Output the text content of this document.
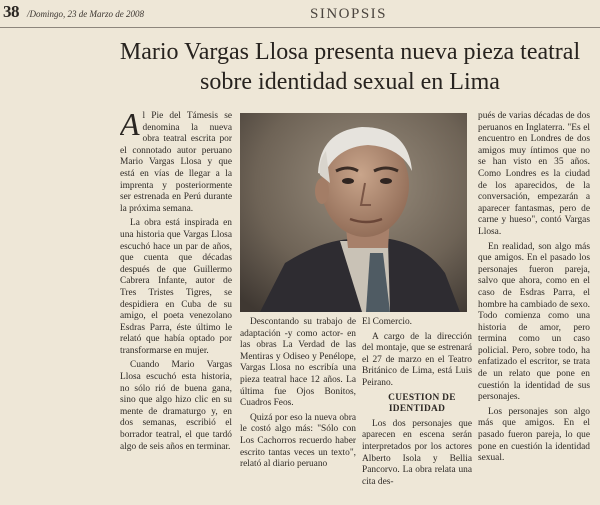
38 /Domingo, 23 de Marzo de 2008	SINOPSIS
Mario Vargas Llosa presenta nueva pieza teatral sobre identidad sexual en Lima

Al Pie del Támesis se denomina la nueva obra teatral escrita por el connotado autor peruano Mario Vargas Llosa y que está en vías de llegar a la imprenta y posteriormente ser estrenada en Perú durante la próxima semana.

La obra está inspirada en una historia que Vargas Llosa escuchó hace un par de años, que cuenta que décadas después de que Guillermo Cabrera Infante, autor de Tres Tristes Tigres, se despidiera en Cuba de su amigo, el poeta venezolano Esdras Parra, éste último le relató que había optado por transformarse en mujer.

Cuando Mario Vargas Llosa escuchó esta historia, no sólo rió de buena gana, sino que algo hizo clic en su mente de dramaturgo y, en dos semanas, escribió el borrador teatral, el que tardó algo de seis años en terminar.

Descontando su trabajo de adaptación -y como actor- en las obras La Verdad de las Mentiras y Odiseo y Penélope, Vargas Llosa no escribía una pieza teatral hace 12 años. La última fue Ojos Bonitos, Cuadros Feos.

Quizá por eso la nueva obra le costó algo más: "Sólo con Los Cachorros recuerdo haber escrito tantas veces un texto", relató al diario peruano

El Comercio.

A cargo de la dirección del montaje, que se estrenará el 27 de marzo en el Teatro Británico de Lima, está Luis Peirano.

CUESTION DE IDENTIDAD

Los dos personajes que aparecen en escena serán interpretados por los actores Alberto Isola y Bellia Pancorvo. La obra relata una cita des-

pués de varias décadas de dos peruanos en Inglaterra. "Es el encuentro en Londres de dos amigos muy íntimos que no se han visto en 35 años. Como Londres es la ciudad de los aparecidos, de la conversación, empezarán a aparecer fantasmas, pero de carne y hueso", contó Vargas Llosa.

En realidad, son algo más que amigos. En el pasado los personajes fueron pareja, salvo que ahora, como en el caso de Esdras Parra, el hombre ha cambiado de sexo. Todo comienza como una historia de amor, pero termina como un caso policial. Pero, sobre todo, ha enfatizado el escritor, se trata de un relato que pone en cuestión la identidad de sus personajes.

Los personajes son algo más que amigos. En el pasado fueron pareja, lo que pone en cuestión la identidad sexual.
